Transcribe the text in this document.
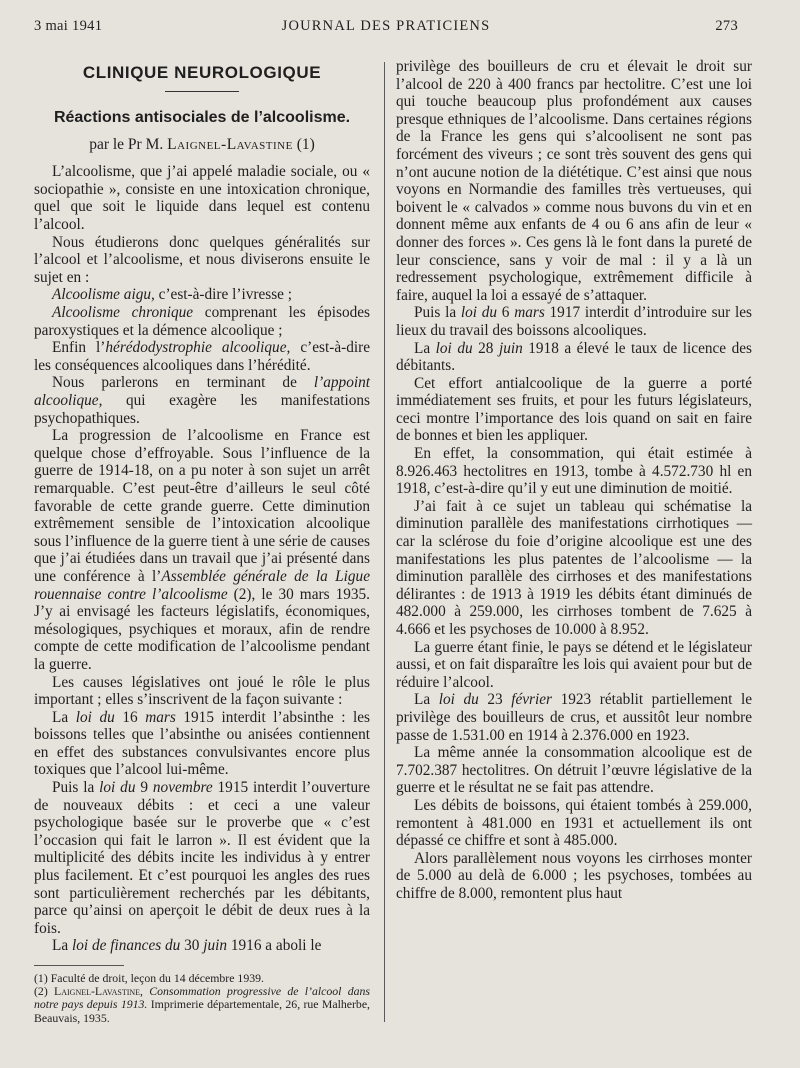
3 mai 1941	JOURNAL DES PRATICIENS	273
CLINIQUE NEUROLOGIQUE
Réactions antisociales de l’alcoolisme.
par le Pr M. Laignel-Lavastine (1)

L’alcoolisme, que j’ai appelé maladie sociale, ou « sociopathie », consiste en une intoxication chronique, quel que soit le liquide dans lequel est contenu l’alcool.

Nous étudierons donc quelques généralités sur l’alcool et l’alcoolisme, et nous diviserons ensuite le sujet en :

Alcoolisme aigu, c’est-à-dire l’ivresse ;

Alcoolisme chronique comprenant les épisodes paroxystiques et la démence alcoolique ;

Enfin l’hérédodystrophie alcoolique, c’est-à-dire les conséquences alcooliques dans l’hérédité.

Nous parlerons en terminant de l’appoint alcoolique, qui exagère les manifestations psychopathiques.

La progression de l’alcoolisme en France est quelque chose d’effroyable. Sous l’influence de la guerre de 1914-18, on a pu noter à son sujet un arrêt remarquable. C’est peut-être d’ailleurs le seul côté favorable de cette grande guerre. Cette diminution extrêmement sensible de l’intoxication alcoolique sous l’influence de la guerre tient à une série de causes que j’ai étudiées dans un travail que j’ai présenté dans une conférence à l’Assemblée générale de la Ligue rouennaise contre l’alcoolisme (2), le 30 mars 1935. J’y ai envisagé les facteurs législatifs, économiques, mésologiques, psychiques et moraux, afin de rendre compte de cette modification de l’alcoolisme pendant la guerre.

Les causes législatives ont joué le rôle le plus important ; elles s’inscrivent de la façon suivante :

La loi du 16 mars 1915 interdit l’absinthe : les boissons telles que l’absinthe ou anisées contiennent en effet des substances convulsivantes encore plus toxiques que l’alcool lui-même.

Puis la loi du 9 novembre 1915 interdit l’ouverture de nouveaux débits : et ceci a une valeur psychologique basée sur le proverbe que « c’est l’occasion qui fait le larron ». Il est évident que la multiplicité des débits incite les individus à y entrer plus facilement. Et c’est pourquoi les angles des rues sont particulièrement recherchés par les débitants, parce qu’ainsi on aperçoit le débit de deux rues à la fois.

La loi de finances du 30 juin 1916 a aboli le

(1) Faculté de droit, leçon du 14 décembre 1939.

(2) Laignel-Lavastine, Consommation progressive de l’alcool dans notre pays depuis 1913. Imprimerie départementale, 26, rue Malherbe, Beauvais, 1935.

privilège des bouilleurs de cru et élevait le droit sur l’alcool de 220 à 400 francs par hectolitre. C’est une loi qui touche beaucoup plus profondément aux causes presque ethniques de l’alcoolisme. Dans certaines régions de la France les gens qui s’alcoolisent ne sont pas forcément des viveurs ; ce sont très souvent des gens qui n’ont aucune notion de la diététique. C’est ainsi que nous voyons en Normandie des familles très vertueuses, qui boivent le « calvados » comme nous buvons du vin et en donnent même aux enfants de 4 ou 6 ans afin de leur « donner des forces ». Ces gens là le font dans la pureté de leur conscience, sans y voir de mal : il y a là un redressement psychologique, extrêmement difficile à faire, auquel la loi a essayé de s’attaquer.

Puis la loi du 6 mars 1917 interdit d’introduire sur les lieux du travail des boissons alcooliques.

La loi du 28 juin 1918 a élevé le taux de licence des débitants.

Cet effort antialcoolique de la guerre a porté immédiatement ses fruits, et pour les futurs législateurs, ceci montre l’importance des lois quand on sait en faire de bonnes et bien les appliquer.

En effet, la consommation, qui était estimée à 8.926.463 hectolitres en 1913, tombe à 4.572.730 hl en 1918, c’est-à-dire qu’il y eut une diminution de moitié.

J’ai fait à ce sujet un tableau qui schématise la diminution parallèle des manifestations cirrhotiques — car la sclérose du foie d’origine alcoolique est une des manifestations les plus patentes de l’alcoolisme — la diminution parallèle des cirrhoses et des manifestations délirantes : de 1913 à 1919 les débits étant diminués de 482.000 à 259.000, les cirrhoses tombent de 7.625 à 4.666 et les psychoses de 10.000 à 8.952.

La guerre étant finie, le pays se détend et le législateur aussi, et on fait disparaître les lois qui avaient pour but de réduire l’alcool.

La loi du 23 février 1923 rétablit partiellement le privilège des bouilleurs de crus, et aussitôt leur nombre passe de 1.531.00 en 1914 à 2.376.000 en 1923.

La même année la consommation alcoolique est de 7.702.387 hectolitres. On détruit l’œuvre législative de la guerre et le résultat ne se fait pas attendre.

Les débits de boissons, qui étaient tombés à 259.000, remontent à 481.000 en 1931 et actuellement ils ont dépassé ce chiffre et sont à 485.000.

Alors parallèlement nous voyons les cirrhoses monter de 5.000 au delà de 6.000 ; les psychoses, tombées au chiffre de 8.000, remontent plus haut
